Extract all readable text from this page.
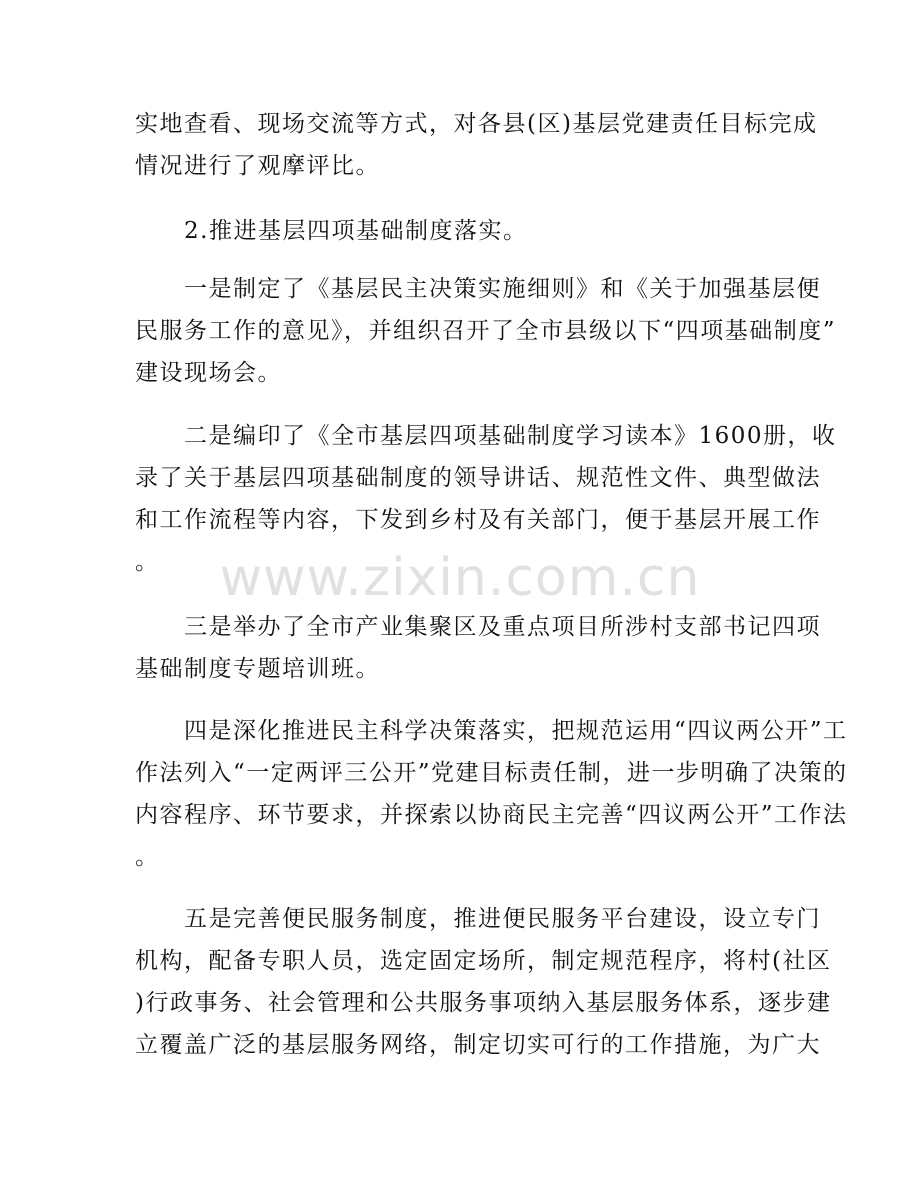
实地查看、现场交流等方式，对各县(区)基层党建责任目标完成
情况进行了观摩评比。

　　2.推进基层四项基础制度落实。

　　一是制定了《基层民主决策实施细则》和《关于加强基层便
民服务工作的意见》，并组织召开了全市县级以下“四项基础制度”
建设现场会。

　　二是编印了《全市基层四项基础制度学习读本》1600册，收
录了关于基层四项基础制度的领导讲话、规范性文件、典型做法
和工作流程等内容，下发到乡村及有关部门，便于基层开展工作
。

　　三是举办了全市产业集聚区及重点项目所涉村支部书记四项
基础制度专题培训班。

　　四是深化推进民主科学决策落实，把规范运用“四议两公开”工
作法列入“一定两评三公开”党建目标责任制，进一步明确了决策的
内容程序、环节要求，并探索以协商民主完善“四议两公开”工作法
。

　　五是完善便民服务制度，推进便民服务平台建设，设立专门
机构，配备专职人员，选定固定场所，制定规范程序，将村(社区
)行政事务、社会管理和公共服务事项纳入基层服务体系，逐步建
立覆盖广泛的基层服务网络，制定切实可行的工作措施，为广大

www.zixin.com.cn
